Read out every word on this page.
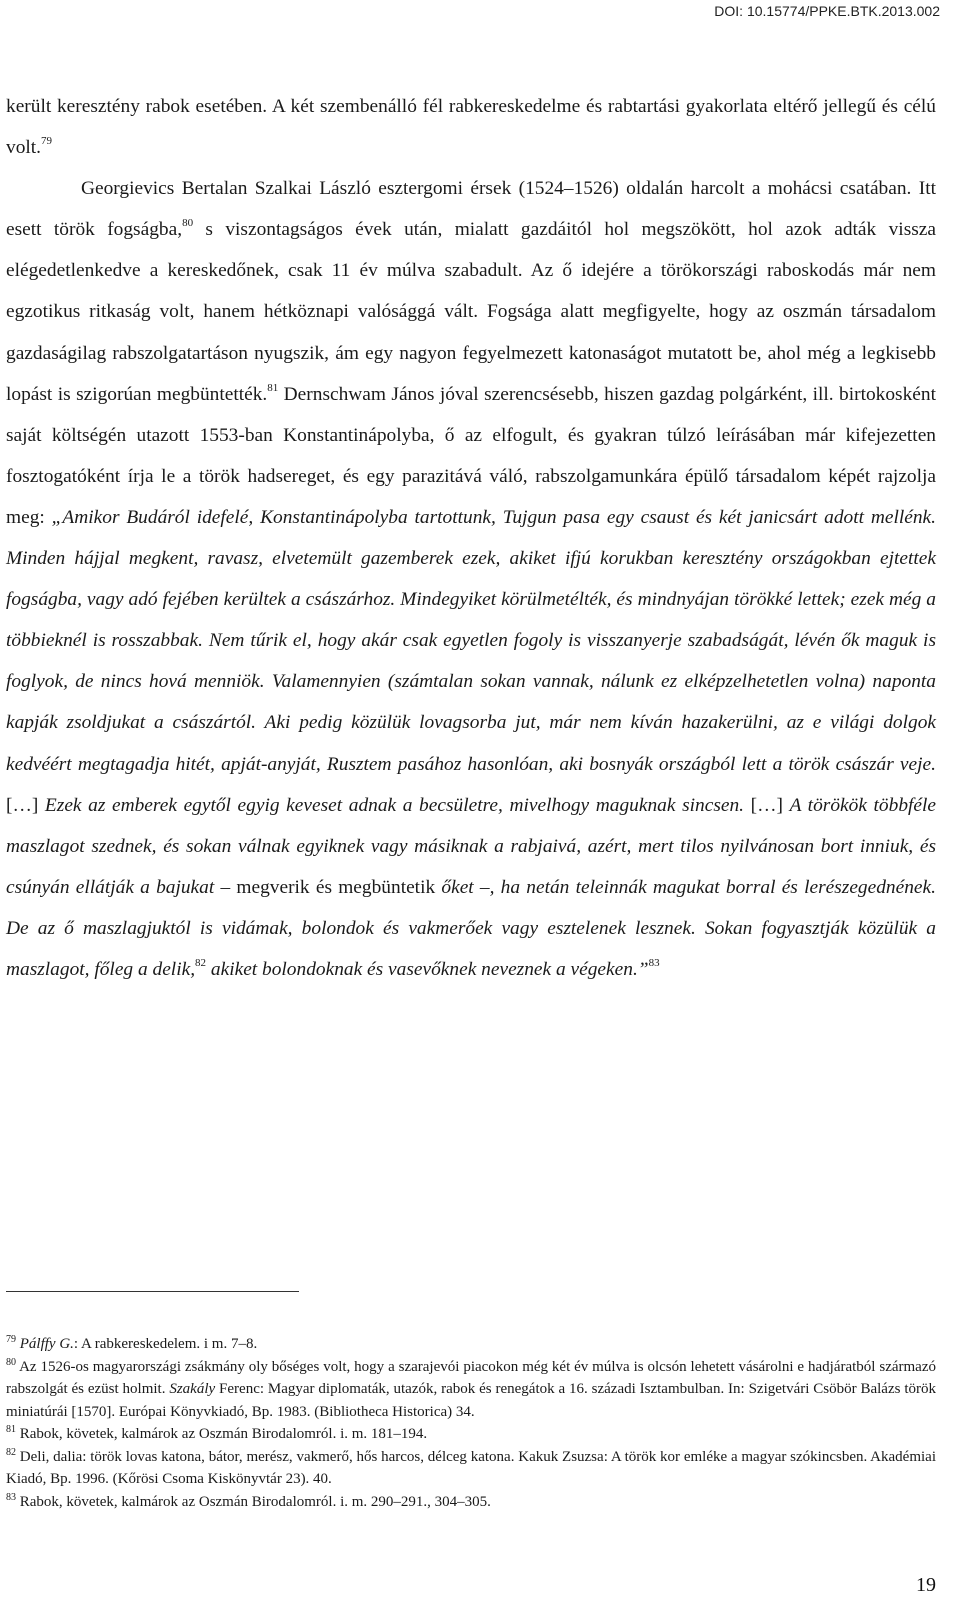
DOI: 10.15774/PPKE.BTK.2013.002

került keresztény rabok esetében. A két szembenálló fél rabkereskedelme és rabtartási gyakorlata eltérő jellegű és célú volt.$^{79}$

Georgievics Bertalan Szalkai László esztergomi érsek (1524–1526) oldalán harcolt a mohácsi csatában. Itt esett török fogságba,$^{80}$ s viszontagságos évek után, mialatt gazdáitól hol megszökött, hol azok adták vissza elégedetlenkedve a kereskedőnek, csak 11 év múlva szabadult. Az ő idejére a törökországi raboskodás már nem egzotikus ritkaság volt, hanem hétköznapi valósággá vált. Fogsága alatt megfigyelte, hogy az oszmán társadalom gazdaságilag rabszolgatartáson nyugszik, ám egy nagyon fegyelmezett katonaságot mutatott be, ahol még a legkisebb lopást is szigorúan megbüntették.$^{81}$ Dernschwam János jóval szerencsésebb, hiszen gazdag polgárként, ill. birtokosként saját költségén utazott 1553-ban Konstantinápolyba, ő az elfogult, és gyakran túlzó leírásában már kifejezetten fosztogatóként írja le a török hadsereget, és egy parazitává váló, rabszolgamunkára épülő társadalom képét rajzolja meg: „Amikor Budáról idefelé, Konstantinápolyba tartottunk, Tujgun pasa egy csaust és két janicsárt adott mellénk. Minden hájjal megkent, ravasz, elvetemült gazemberek ezek, akiket ifjú korukban keresztény országokban ejtettek fogságba, vagy adó fejében kerültek a császárhoz. Mindegyiket körülmetélték, és mindnyájan törökké lettek; ezek még a többieknél is rosszabbak. Nem tűrik el, hogy akár csak egyetlen fogoly is visszanyerje szabadságát, lévén ők maguk is foglyok, de nincs hová menniök. Valamennyien (számtalan sokan vannak, nálunk ez elképzelhetetlen volna) naponta kapják zsoldjukat a császártól. Aki pedig közülük lovagsorba jut, már nem kíván hazakerülni, az e világi dolgok kedvéért megtagadja hitét, apját-anyját, Rusztem pasához hasonlóan, aki bosnyák országból lett a török császár veje. […] Ezek az emberek egytől egyig keveset adnak a becsületre, mivelhogy maguknak sincsen. […] A törökök többféle maszlagot szednek, és sokan válnak egyiknek vagy másiknak a rabjaivá, azért, mert tilos nyilvánosan bort inniuk, és csúnyán ellátják a bajukat – megverik és megbüntetik őket –, ha netán teleinnák magukat borral és lerészegednének. De az ő maszlagjuktól is vidámak, bolondok és vakmerőek vagy esztelenek lesznek. Sokan fogyasztják közülük a maszlagot, főleg a delik,$^{82}$ akiket bolondoknak és vasevőknek neveznek a végeken.”$^{83}$

$^{79}$ Pálffy G.: A rabkereskedelem. i m. 7–8.

$^{80}$ Az 1526-os magyarországi zsákmány oly bőséges volt, hogy a szarajevói piacokon még két év múlva is olcsón lehetett vásárolni e hadjáratból származó rabszolgát és ezüst holmit. Szakály Ferenc: Magyar diplomaták, utazók, rabok és renegátok a 16. századi Isztambulban. In: Szigetvári Csöbör Balázs török miniatúrái [1570]. Európai Könyvkiadó, Bp. 1983. (Bibliotheca Historica) 34.

$^{81}$ Rabok, követek, kalmárok az Oszmán Birodalomról. i. m. 181–194.

$^{82}$ Deli, dalia: török lovas katona, bátor, merész, vakmerő, hős harcos, délceg katona. Kakuk Zsuzsa: A török kor emléke a magyar szókincsben. Akadémiai Kiadó, Bp. 1996. (Kőrösi Csoma Kiskönyvtár 23). 40.

$^{83}$ Rabok, követek, kalmárok az Oszmán Birodalomról. i. m. 290–291., 304–305.

19
